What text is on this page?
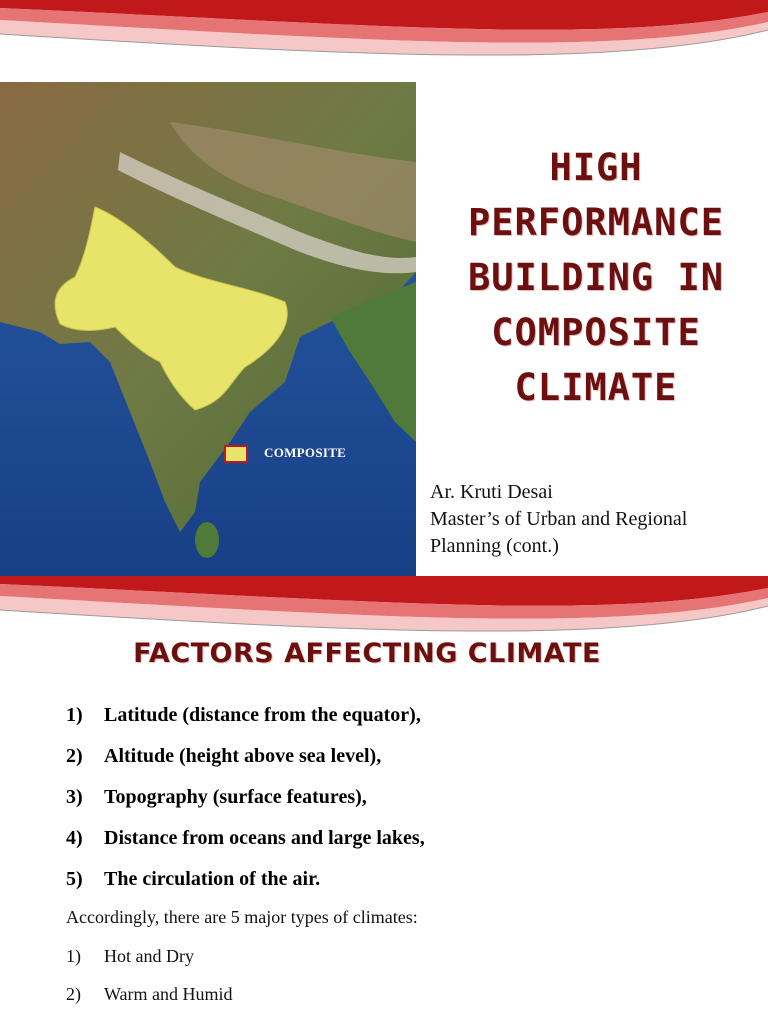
COMPOSITE
HIGH
PERFORMANCE
BUILDING IN
COMPOSITE
CLIMATE
Ar. Kruti Desai
Master’s of Urban and Regional
Planning (cont.)
FACTORS AFFECTING CLIMATE
1) Latitude (distance from the equator),
2) Altitude (height above sea level),
3) Topography (surface features),
4) Distance from oceans and large lakes,
5) The circulation of the air.
Accordingly, there are 5 major types of climates:
1) Hot and Dry
2) Warm and Humid
